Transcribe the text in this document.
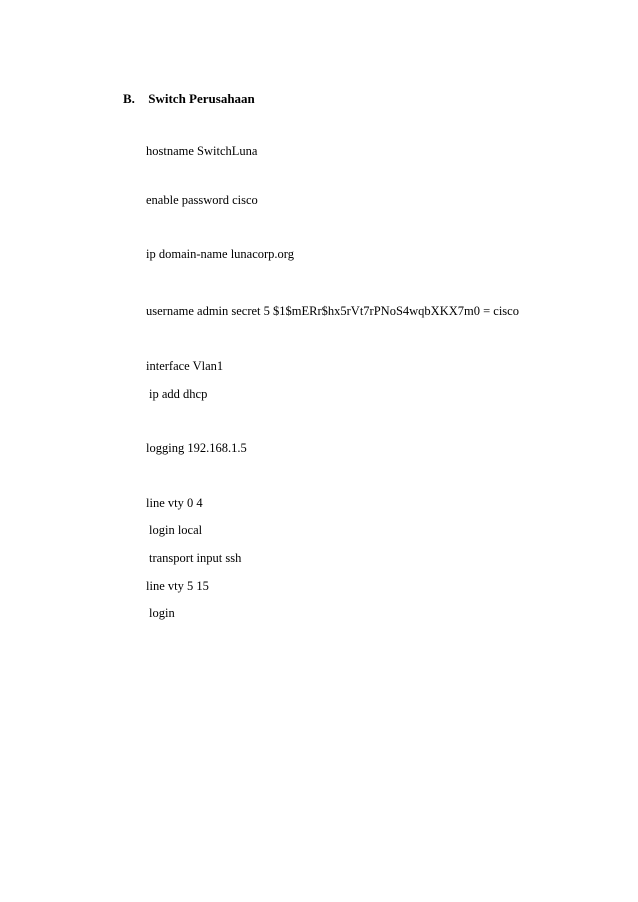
B. Switch Perusahaan
hostname SwitchLuna
enable password cisco
ip domain-name lunacorp.org
username admin secret 5 $1$mERr$hx5rVt7rPNoS4wqbXKX7m0 = cisco
interface Vlan1
ip add dhcp
logging 192.168.1.5
line vty 0 4
login local
transport input ssh
line vty 5 15
login
